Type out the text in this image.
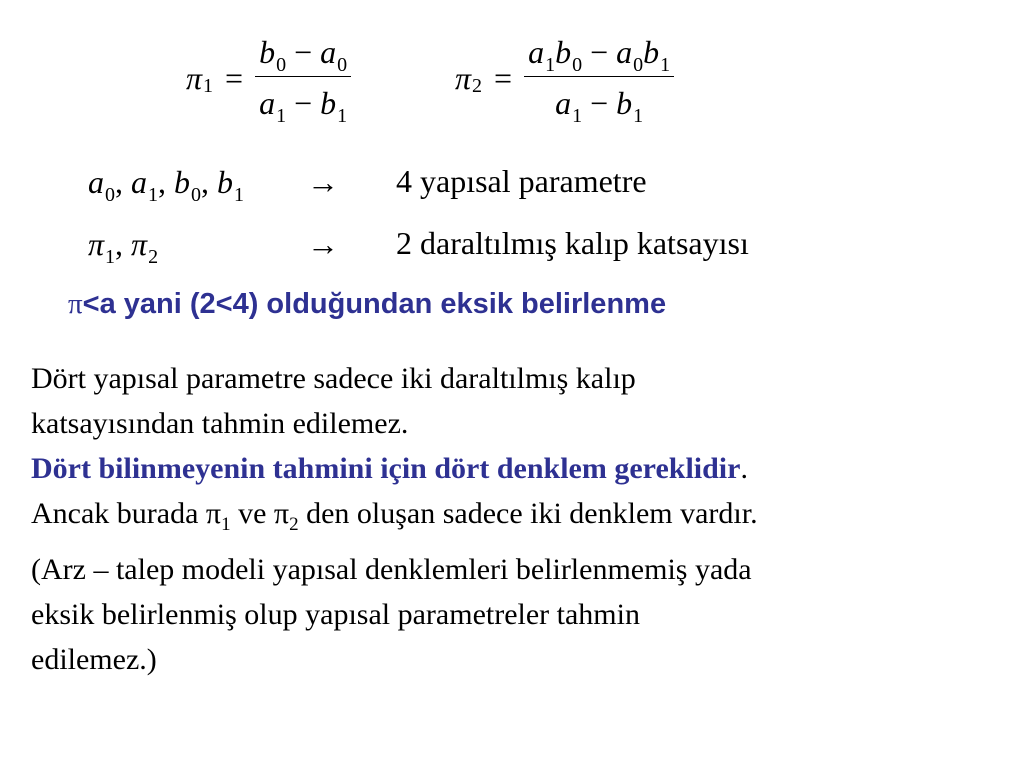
π $1 = \frac{b_0 - a_0}{a_1 - b_1}$	π $2 = \frac{a_1b_0 - a_0b_1}{a_1 - b_1}$
$a_0$, $a_1$, $b_0$, $b_1 \to 4$ yapısal parametre
$\pi_1$, $\pi_2$	→ 2 daraltılmış kalıp katsayısı
π<a yani (2<4) olduğundan eksik belirlenme

Dört yapısal parametre sadece iki daraltılmış kalıp
katsayısından tahmin edilemez.
Dört bilinmeyenin tahmini için dört denklem gereklidir.
Ancak burada $\pi_1$ ve $\pi_2$ den oluşan sadece iki denklem vardır.
(Arz – talep modeli yapısal denklemleri belirlenmemiş yada
eksik belirlenmiş olup yapısal parametreler tahmin
edilemez.)
